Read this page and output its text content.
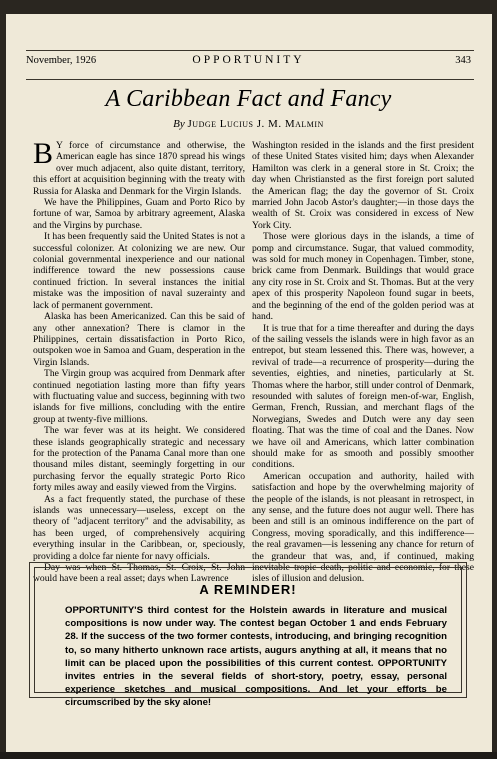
November, 1926	OPPORTUNITY	343
A Caribbean Fact and Fancy
By Judge Lucius J. M. Malmin

B Y force of circumstance and otherwise, the American eagle has since 1870 spread his wings over much adjacent, also quite distant, territory, this effort at acquisition beginning with the treaty with Russia for Alaska and Denmark for the Virgin Islands.

We have the Philippines, Guam and Porto Rico by fortune of war, Samoa by arbitrary agreement, Alaska and the Virgins by purchase.

It has been frequently said the United States is not a successful colonizer. At colonizing we are new. Our colonial governmental inexperience and our national indifference toward the new possessions cause continued friction. In several instances the initial mistake was the imposition of naval suzerainty and lack of permanent government.

Alaska has been Americanized. Can this be said of any other annexation? There is clamor in the Philippines, certain dissatisfaction in Porto Rico, outspoken woe in Samoa and Guam, desperation in the Virgin Islands.

The Virgin group was acquired from Denmark after continued negotiation lasting more than fifty years with fluctuating value and success, beginning with two islands for five millions, concluding with the entire group at twenty-five millions.

The war fever was at its height. We considered these islands geographically strategic and necessary for the protection of the Panama Canal more than one thousand miles distant, seemingly forgetting in our purchasing fervor the equally strategic Porto Rico forty miles away and easily viewed from the Virgins.

As a fact frequently stated, the purchase of these islands was unnecessary—useless, except on the theory of "adjacent territory" and the advisability, as has been urged, of comprehensively acquiring everything insular in the Caribbean, or, speciously, providing a dolce far niente for navy officials.

Day was when St. Thomas, St. Croix, St. John would have been a real asset; days when Lawrence

Washington resided in the islands and the first president of these United States visited him; days when Alexander Hamilton was clerk in a general store in St. Croix; the day when Christiansted as the first foreign port saluted the American flag; the day the governor of St. Croix married John Jacob Astor's daughter;—in those days the wealth of St. Croix was considered in excess of New York City.

Those were glorious days in the islands, a time of pomp and circumstance. Sugar, that valued commodity, was sold for much money in Copenhagen. Timber, stone, brick came from Denmark. Buildings that would grace any city rose in St. Croix and St. Thomas. But at the very apex of this prosperity Napoleon found sugar in beets, and the beginning of the end of the golden period was at hand.

It is true that for a time thereafter and during the days of the sailing vessels the islands were in high favor as an entrepot, but steam lessened this. There was, however, a revival of trade—a recurrence of prosperity—during the seventies, eighties, and nineties, particularly at St. Thomas where the harbor, still under control of Denmark, resounded with salutes of foreign men-of-war, English, German, French, Russian, and merchant flags of the Norwegians, Swedes and Dutch were any day seen floating. That was the time of coal and the Danes. Now we have oil and Americans, which latter combination should make for as smooth and possibly smoother conditions.

American occupation and authority, hailed with satisfaction and hope by the overwhelming majority of the people of the islands, is not pleasant in retrospect, in any sense, and the future does not augur well. There has been and still is an ominous indifference on the part of Congress, moving sporadically, and this indifference—the real gravamen—is lessening any chance for return of the grandeur that was, and, if continued, making inevitable tropic death, politic and economic, for these isles of illusion and delusion.

A REMINDER!
OPPORTUNITY'S third contest for the Holstein awards in literature and musical compositions is now under way. The contest began October 1 and ends February 28. If the success of the two former contests, introducing, and bringing recognition to, so many hitherto unknown race artists, augurs anything at all, it means that no limit can be placed upon the possibilities of this current contest. OPPORTUNITY invites entries in the several fields of short-story, poetry, essay, personal experience sketches and musical compositions. And let your efforts be circumscribed by the sky alone!
